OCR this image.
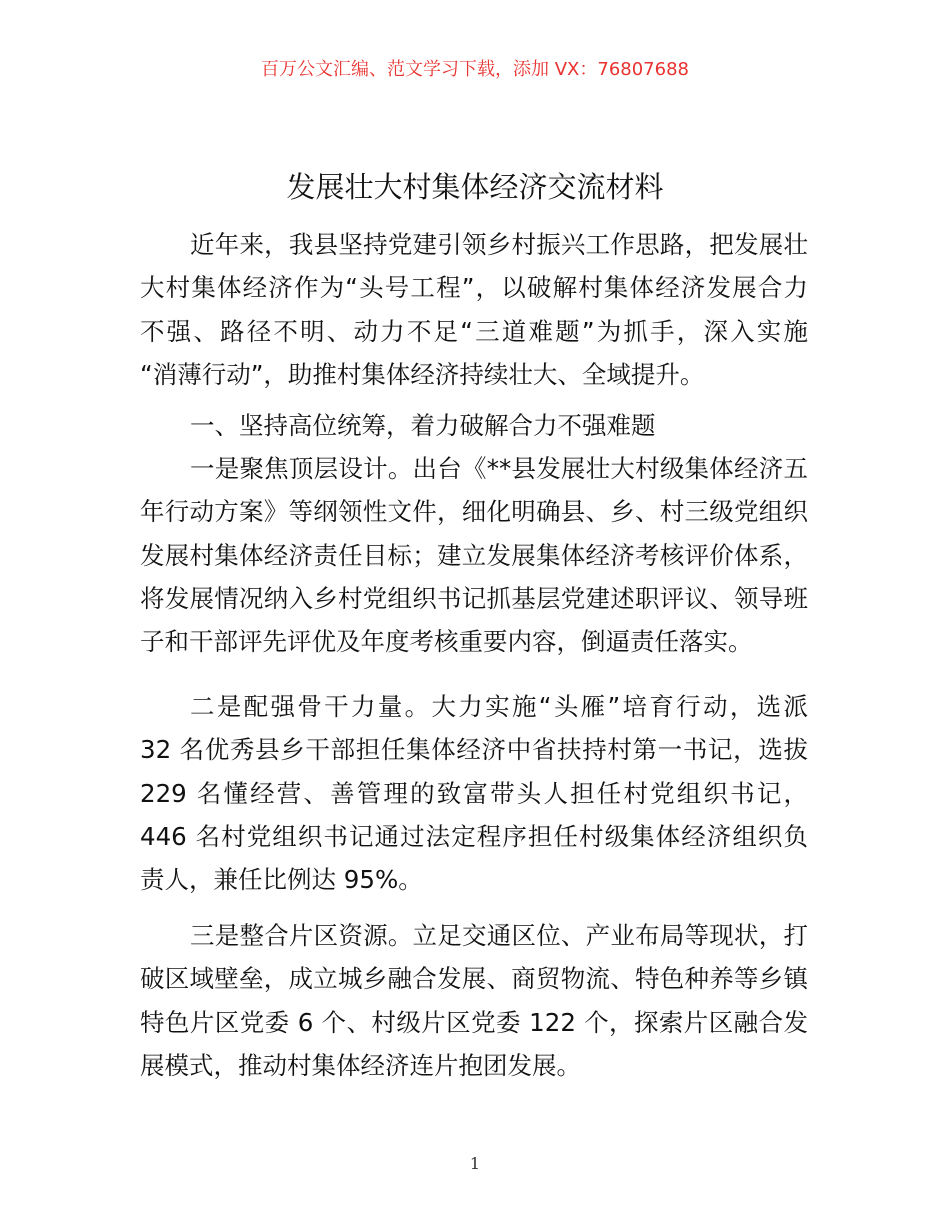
百万公文汇编、范文学习下载，添加 VX：76807688
发展壮大村集体经济交流材料
近年来，我县坚持党建引领乡村振兴工作思路，把发展壮
大村集体经济作为“头号工程”，以破解村集体经济发展合力
不强、路径不明、动力不足“三道难题”为抓手，深入实施
“消薄行动”，助推村集体经济持续壮大、全域提升。
一、坚持高位统筹，着力破解合力不强难题
一是聚焦顶层设计。出台《**县发展壮大村级集体经济五
年行动方案》等纲领性文件，细化明确县、乡、村三级党组织
发展村集体经济责任目标；建立发展集体经济考核评价体系，
将发展情况纳入乡村党组织书记抓基层党建述职评议、领导班
子和干部评先评优及年度考核重要内容，倒逼责任落实。
二是配强骨干力量。大力实施“头雁”培育行动，选派
32 名优秀县乡干部担任集体经济中省扶持村第一书记，选拔
229 名懂经营、善管理的致富带头人担任村党组织书记，
446 名村党组织书记通过法定程序担任村级集体经济组织负
责人，兼任比例达 95%。
三是整合片区资源。立足交通区位、产业布局等现状，打
破区域壁垒，成立城乡融合发展、商贸物流、特色种养等乡镇
特色片区党委 6 个、村级片区党委 122 个，探索片区融合发
展模式，推动村集体经济连片抱团发展。
1
